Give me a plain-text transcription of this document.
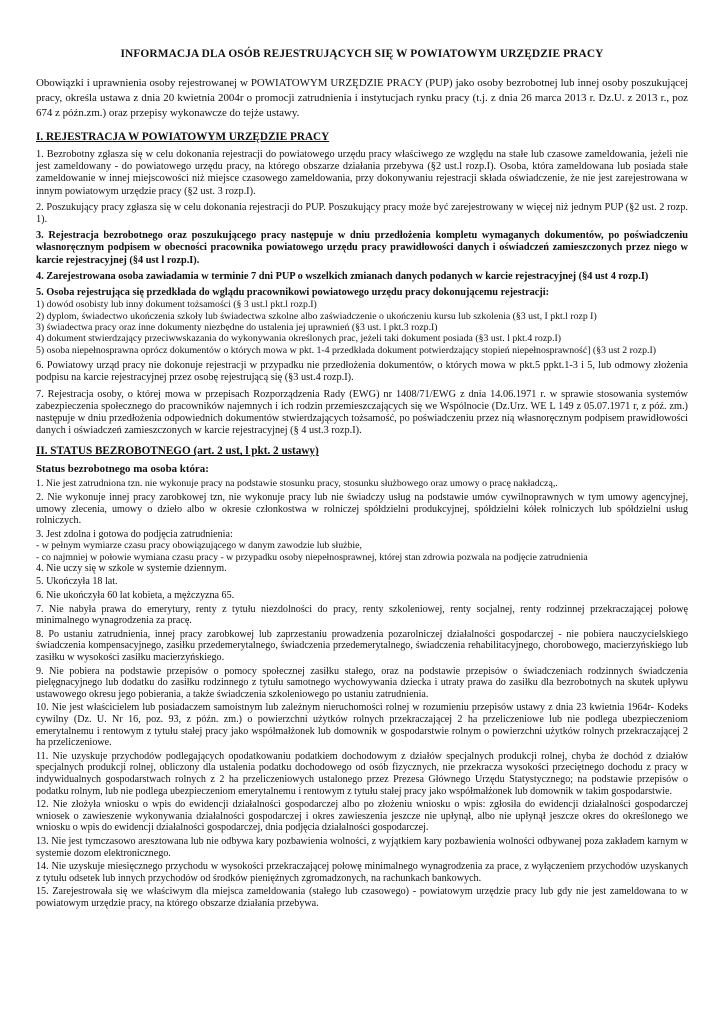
INFORMACJA DLA OSÓB REJESTRUJĄCYCH SIĘ W POWIATOWYM URZĘDZIE PRACY

Obowiązki i uprawnienia osoby rejestrowanej w POWIATOWYM URZĘDZIE PRACY (PUP) jako osoby bezrobotnej lub innej osoby poszukującej pracy, określa ustawa z dnia 20 kwietnia 2004r o promocji zatrudnienia i instytucjach rynku pracy (t.j. z dnia 26 marca 2013 r. Dz.U. z 2013 r., poz 674 z późn.zm.) oraz przepisy wykonawcze do tejże ustawy.

I. REJESTRACJA W POWIATOWYM URZĘDZIE PRACY

1. Bezrobotny zgłasza się w celu dokonania rejestracji do powiatowego urzędu pracy właściwego ze względu na stałe lub czasowe zameldowania, jeżeli nie jest zameldowany - do powiatowego urzędu pracy, na którego obszarze działania przebywa (§2 ust.l rozp.I). Osoba, która zameldowana lub posiada stałe zameldowanie w innej miejscowości niż miejsce czasowego zameldowania, przy dokonywaniu rejestracji składa oświadczenie, że nie jest zarejestrowana w innym powiatowym urzędzie pracy (§2 ust. 3 rozp.I).

2. Poszukujący pracy zgłasza się w celu dokonania rejestracji do PUP. Poszukujący pracy może być zarejestrowany w więcej niż jednym PUP (§2 ust. 2 rozp. 1).

3. Rejestracja bezrobotnego oraz poszukującego pracy następuje w dniu przedłożenia kompletu wymaganych dokumentów, po poświadczeniu własnoręcznym podpisem w obecności pracownika powiatowego urzędu pracy prawidłowości danych i oświadczeń zamieszczonych przez niego w karcie rejestracyjnej (§4 ust l rozp.I).

4. Zarejestrowana osoba zawiadamia w terminie 7 dni PUP o wszelkich zmianach danych podanych w karcie rejestracyjnej (§4 ust 4 rozp.I)

5. Osoba rejestrująca się przedkłada do wglądu pracownikowi powiatowego urzędu pracy dokonującemu rejestracji:

1) dowód osobisty lub inny dokument tożsamości (§ 3 ust.l pkt.l rozp.I)
2) dyplom, świadectwo ukończenia szkoły lub świadectwa szkolne albo zaświadczenie o ukończeniu kursu lub szkolenia (§3 ust, I pkt.l rozp I)
3) świadectwa pracy oraz inne dokumenty niezbędne do ustalenia jej uprawnień (§3 ust. l pkt.3 rozp.I)
4) dokument stwierdzający przeciwwskazania do wykonywania określonych prac, jeżeli taki dokument posiada (§3 ust. l pkt.4 rozp.I)
5) osoba niepełnosprawna oprócz dokumentów o których mowa w pkt. 1-4 przedkłada dokument potwierdzający stopień niepełnosprawność] (§3 ust 2 rozp.I)

6. Powiatowy urząd pracy nie dokonuje rejestracji w przypadku nie przedłożenia dokumentów, o których mowa w pkt.5 ppkt.1-3 i 5, lub odmowy złożenia podpisu na karcie rejestracyjnej przez osobę rejestrującą się (§3 ust.4 rozp.I).

7. Rejestracja osoby, o której mowa w przepisach Rozporządzenia Rady (EWG) nr 1408/71/EWG z dnia 14.06.1971 r. w sprawie stosowania systemów zabezpieczenia społecznego do pracowników najemnych i ich rodzin przemieszczających się we Wspólnocie (Dz.Urz. WE L 149 z 05.07.1971 r, z póź. zm.) następuje w dniu przedłożenia odpowiednich dokumentów stwierdzających tożsamość, po poświadczeniu przez nią własnoręcznym podpisem prawidłowości danych i oświadczeń zamieszczonych w karcie rejestracyjnej (§ 4 ust.3 rozp.I).

II. STATUS BEZROBOTNEGO (art. 2 ust, l pkt. 2 ustawy)
Status bezrobotnego ma osoba która:

1. Nie jest zatrudniona tzn. nie wykonuje pracy na podstawie stosunku pracy, stosunku służbowego oraz umowy o pracę nakładczą,.

2. Nie wykonuje innej pracy zarobkowej tzn, nie wykonuje pracy lub nie świadczy usług na podstawie umów cywilnoprawnych w tym umowy agencyjnej, umowy zlecenia, umowy o dzieło albo w okresie członkostwa w rolniczej spółdzielni produkcyjnej, spółdzielni kółek rolniczych lub spółdzielni usług rolniczych.

3. Jest zdolna i gotowa do podjęcia zatrudnienia:

- w pełnym wymiarze czasu pracy obowiązującego w danym zawodzie lub służbie,

- co najmniej w połowie wymiana czasu pracy - w przypadku osoby niepełnosprawnej, której stan zdrowia pozwala na podjęcie zatrudnienia

4. Nie uczy się w szkole w systemie dziennym.

5. Ukończyła 18 lat.

6. Nie ukończyła 60 lat kobieta, a mężczyzna 65.

7. Nie nabyła prawa do emerytury, renty z tytułu niezdolności do pracy, renty szkoleniowej, renty socjalnej, renty rodzinnej przekraczającej połowę minimalnego wynagrodzenia za pracę.

8. Po ustaniu zatrudnienia, innej pracy zarobkowej lub zaprzestaniu prowadzenia pozarolniczej działalności gospodarczej - nie pobiera nauczycielskiego świadczenia kompensacyjnego, zasiłku przedemerytalnego, świadczenia przedemerytalnego, świadczenia rehabilitacyjnego, chorobowego, macierzyńskiego lub zasiłku w wysokości zasiłku macierzyńskiego.

9. Nie pobiera na podstawie przepisów o pomocy społecznej zasiłku stałego, oraz na podstawie przepisów o świadczeniach rodzinnych świadczenia pielęgnacyjnego lub dodatku do zasiłku rodzinnego z tytułu samotnego wychowywania dziecka i utraty prawa do zasiłku dla bezrobotnych na skutek upływu ustawowego okresu jego pobierania, a także świadczenia szkoleniowego po ustaniu zatrudnienia.

10. Nie jest właścicielem lub posiadaczem samoistnym lub zależnym nieruchomości rolnej w rozumieniu przepisów ustawy z dnia 23 kwietnia 1964r- Kodeks cywilny (Dz. U. Nr 16, poz. 93, z późn. zm.) o powierzchni użytków rolnych przekraczającej 2 ha przeliczeniowe lub nie podlega ubezpieczeniom emerytalnemu i rentowym z tytułu stałej pracy jako współmałżonek lub domownik w gospodarstwie rolnym o powierzchni użytków rolnych przekraczającej 2 ha przeliczeniowe.

11. Nie uzyskuje przychodów podlegających opodatkowaniu podatkiem dochodowym z działów specjalnych produkcji rolnej, chyba że dochód z działów specjalnych produkcji rolnej, obliczony dla ustalenia podatku dochodowego od osób fizycznych, nie przekracza wysokości przeciętnego dochodu z pracy w indywidualnych gospodarstwach rolnych z 2 ha przeliczeniowych ustalonego przez Prezesa Głównego Urzędu Statystycznego; na podstawie przepisów o podatku rolnym, lub nie podlega ubezpieczeniom emerytalnemu i rentowym z tytułu stałej pracy jako współmałżonek lub domownik w takim gospodarstwie.

12. Nie złożyła wniosku o wpis do ewidencji działalności gospodarczej albo po złożeniu wniosku o wpis: zgłosiła do ewidencji działalności gospodarczej wniosek o zawieszenie wykonywania działalności gospodarczej i okres zawieszenia jeszcze nie upłynął, albo nie upłynął jeszcze okres do określonego we wniosku o wpis do ewidencji działalności gospodarczej, dnia podjęcia działalności gospodarczej.

13. Nie jest tymczasowo aresztowana lub nie odbywa kary pozbawienia wolności, z wyjątkiem kary pozbawienia wolności odbywanej poza zakładem karnym w systemie dozom elektronicznego.

14. Nie uzyskuje miesięcznego przychodu w wysokości przekraczającej połowę minimalnego wynagrodzenia za prace, z wyłączeniem przychodów uzyskanych z tytułu odsetek lub innych przychodów od środków pieniężnych zgromadzonych, na rachunkach bankowych.

15. Zarejestrowała się we właściwym dla miejsca zameldowania (stałego lub czasowego) - powiatowym urzędzie pracy lub gdy nie jest zameldowana to w powiatowym urzędzie pracy, na którego obszarze działania przebywa.
